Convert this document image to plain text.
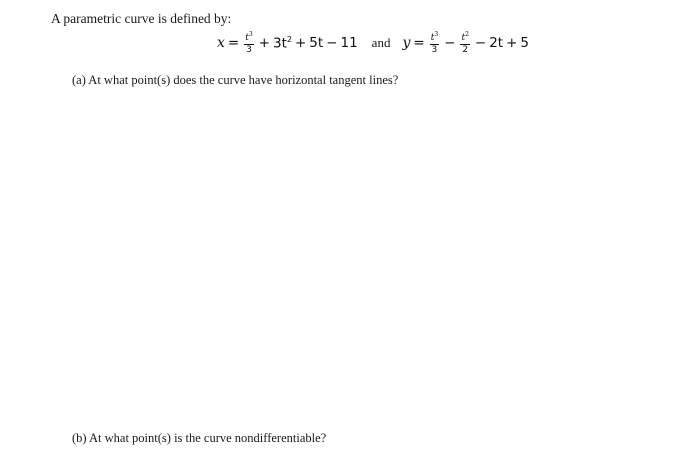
A parametric curve is defined by:
$x = \frac{t^3}{3} + 3t^2 + 5t - 11$ and $y = \frac{t^3}{3} - \frac{t^2}{2} - 2t + 5$
(a) At what point(s) does the curve have horizontal tangent lines?
(b) At what point(s) is the curve nondifferentiable?
